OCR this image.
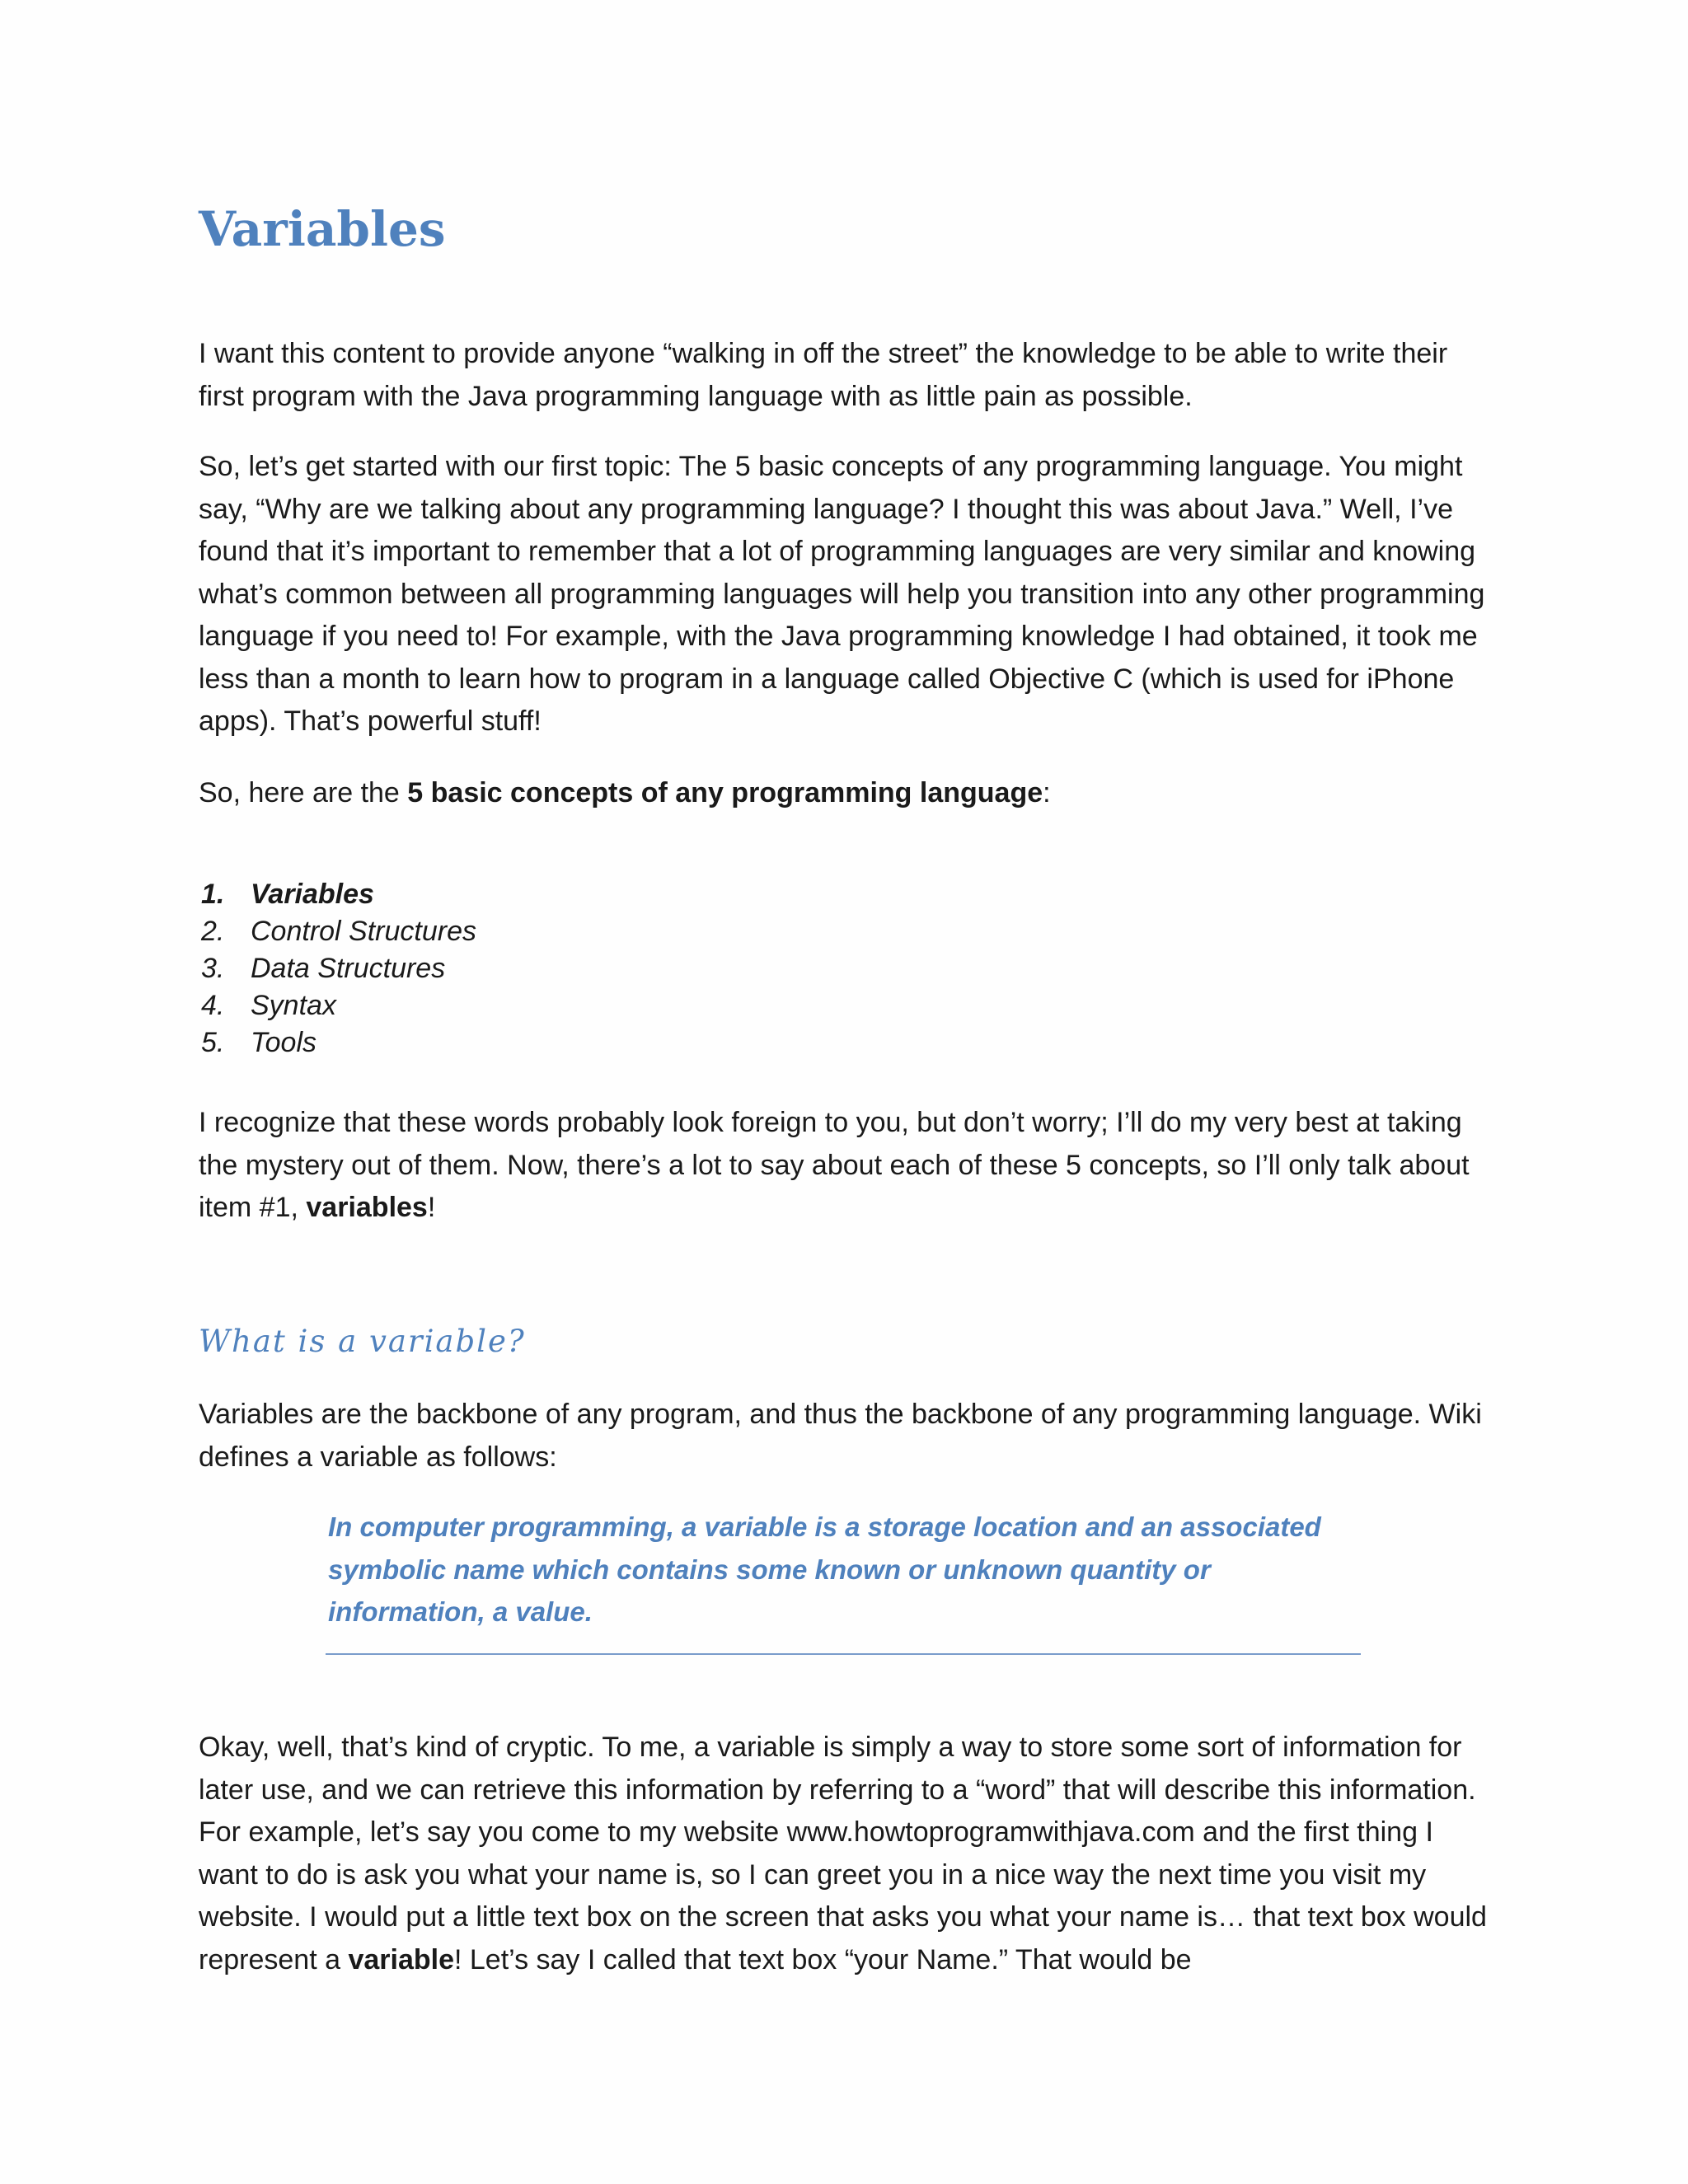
Variables

I want this content to provide anyone “walking in off the street” the knowledge to be able to write their first program with the Java programming language with as little pain as possible.

So, let’s get started with our first topic: The 5 basic concepts of any programming language. You might say, “Why are we talking about any programming language? I thought this was about Java.” Well, I’ve found that it’s important to remember that a lot of programming languages are very similar and knowing what’s common between all programming languages will help you transition into any other programming language if you need to! For example, with the Java programming knowledge I had obtained, it took me less than a month to learn how to program in a language called Objective C (which is used for iPhone apps). That’s powerful stuff!

So, here are the 5 basic concepts of any programming language:

1. Variables
2. Control Structures
3. Data Structures
4. Syntax
5. Tools

I recognize that these words probably look foreign to you, but don’t worry; I’ll do my very best at taking the mystery out of them. Now, there’s a lot to say about each of these 5 concepts, so I’ll only talk about item #1, variables!

What is a variable?

Variables are the backbone of any program, and thus the backbone of any programming language. Wiki defines a variable as follows:

In computer programming, a variable is a storage location and an associated symbolic name which contains some known or unknown quantity or information, a value.

Okay, well, that’s kind of cryptic. To me, a variable is simply a way to store some sort of information for later use, and we can retrieve this information by referring to a “word” that will describe this information. For example, let’s say you come to my website www.howtoprogramwithjava.com and the first thing I want to do is ask you what your name is, so I can greet you in a nice way the next time you visit my website. I would put a little text box on the screen that asks you what your name is… that text box would represent a variable! Let’s say I called that text box “your Name.” That would be
